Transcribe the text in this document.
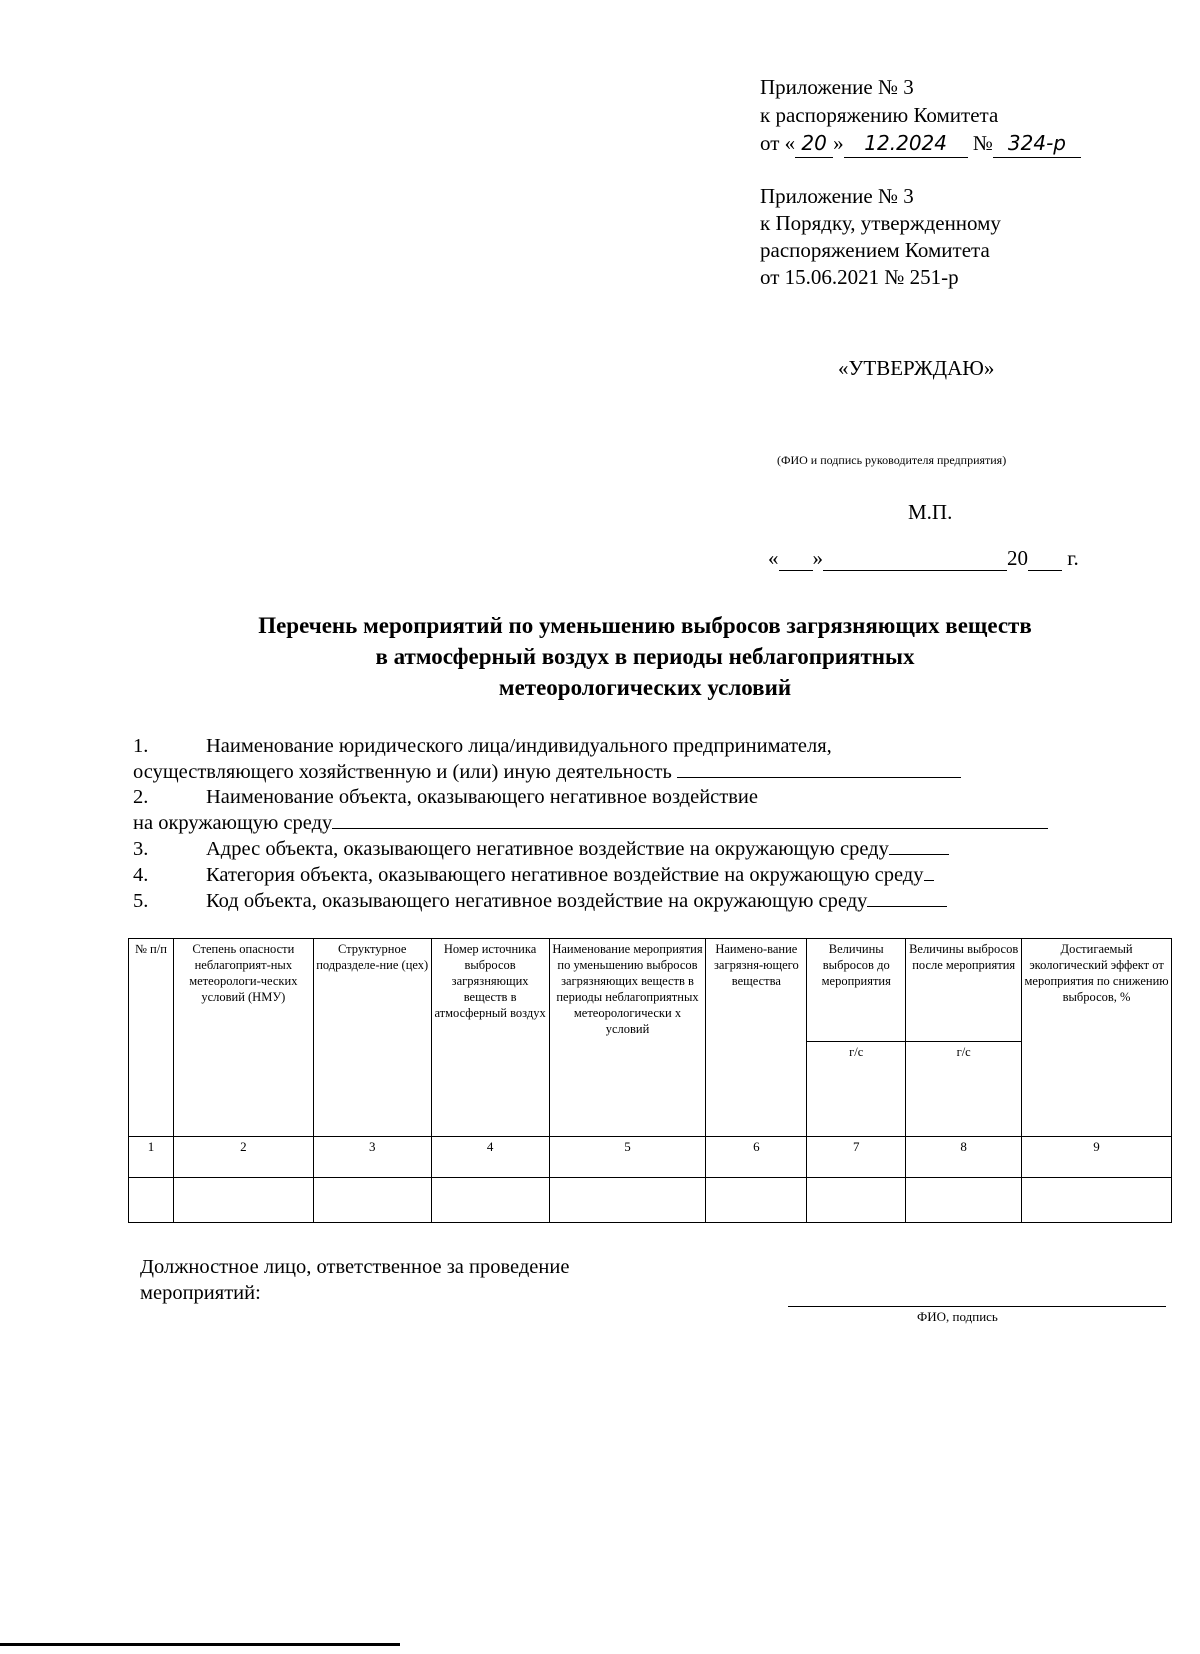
Приложение № 3
к распоряжению Комитета
от « 20 » 12.2024 № 324-р
Приложение № 3
к Порядку, утвержденному
распоряжением Комитета
от 15.06.2021 № 251-р
«УТВЕРЖДАЮ»
(ФИО и подпись руководителя предприятия)
М.П.
« »	20 г.
Перечень мероприятий по уменьшению выбросов загрязняющих веществ
в атмосферный воздух в периоды неблагоприятных
метеорологических условий
1.	Наименование юридического лица/индивидуального предпринимателя,
осуществляющего хозяйственную и (или) иную деятельность
2.	Наименование объекта, оказывающего негативное воздействие
на окружающую среду
3.	Адрес объекта, оказывающего негативное воздействие на окружающую среду
4.	Категория объекта, оказывающего негативное воздействие на окружающую среду
5.	Код объекта, оказывающего негативное воздействие на окружающую среду
№ п/п	Степень опасности неблагоприят-ных метеорологи-ческих условий (НМУ)	Структурное подразделе-ние (цех)	Номер источника выбросов загрязняющих веществ в атмосферный воздух	Наименование мероприятия по уменьшению выбросов загрязняющих веществ в периоды неблагоприятных метеорологически х условий	Наимено-вание загрязня-ющего вещества	Величины выбросов до мероприятия	Величины выбросов после мероприятия	Достигаемый экологический эффект от мероприятия по снижению выбросов, %
						г/с	г/с	
1	2	3	4	5	6	7	8	9

Должностное лицо, ответственное за проведение
мероприятий:
ФИО, подпись
